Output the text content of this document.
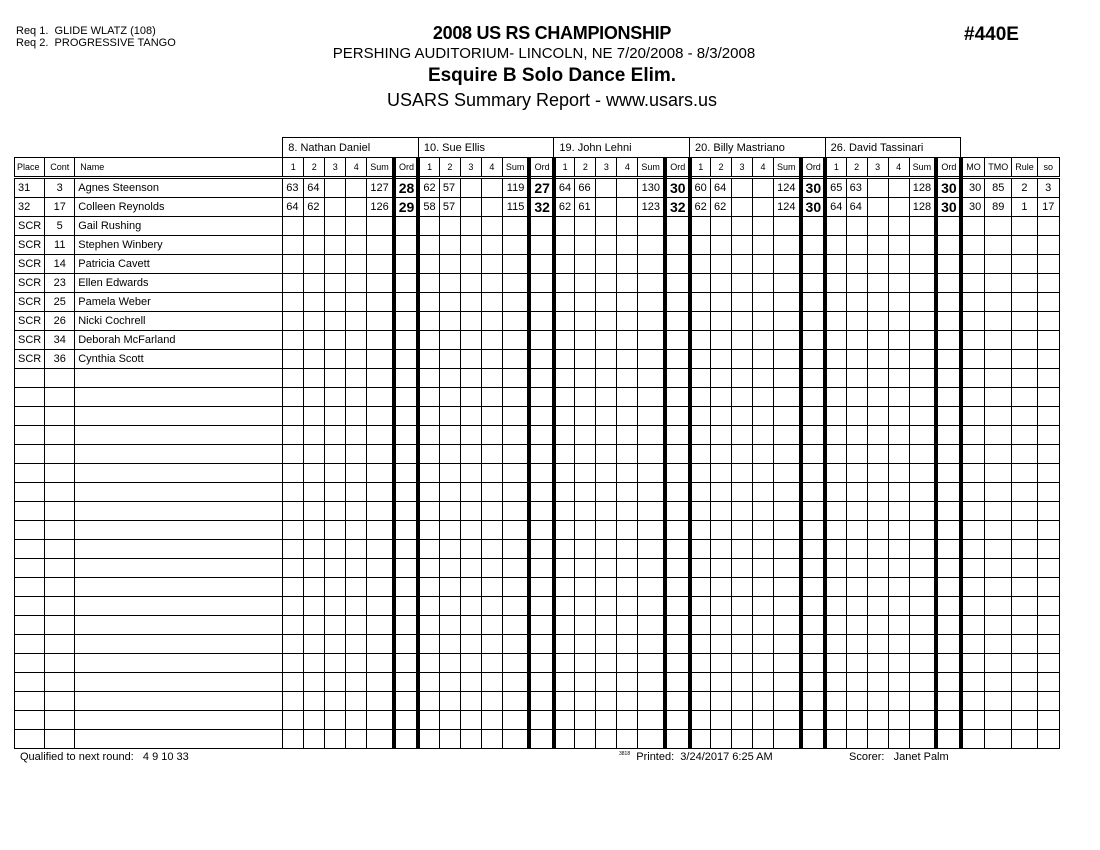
Req 1. GLIDE WLATZ (108)
Req 2. PROGRESSIVE TANGO	2008 US RS CHAMPIONSHIP
PERSHING AUDITORIUM- LINCOLN, NE 7/20/2008 - 8/3/2008
Esquire B Solo Dance Elim.
USARS Summary Report - www.usars.us
#440E
			8. Nathan Daniel						10. Sue Ellis						19. John Lehni						20. Billy Mastriano						26. David Tassinari									
Place	Cont	Name	1	2	3	4	Sum	Ord	1	2	3	4	Sum	Ord	1	2	3	4	Sum	Ord	1	2	3	4	Sum	Ord	1	2	3	4	Sum	Ord	MO	TMO	Rule	so
31	3	Agnes Steenson	63	64			127	28	62	57			119	27	64	66			130	30	60	64			124	30	65	63			128	30	30	85	2	3
32	17	Colleen Reynolds	64	62			126	29	58	57			115	32	62	61			123	32	62	62			124	30	64	64			128	30	30	89	1	17
SCR	5	Gail Rushing																																		
SCR	11	Stephen Winbery																																		
SCR	14	Patricia Cavett																																		
SCR	23	Ellen Edwards																																		
SCR	25	Pamela Weber																																		
SCR	26	Nicki Cochrell																																		
SCR	34	Deborah McFarland																																		
SCR	36	Cynthia Scott																																		

Qualified to next round: 4 9 10 33	$^{3818}$ Printed: 3/24/2017 6:25 AM	Scorer: Janet Palm
